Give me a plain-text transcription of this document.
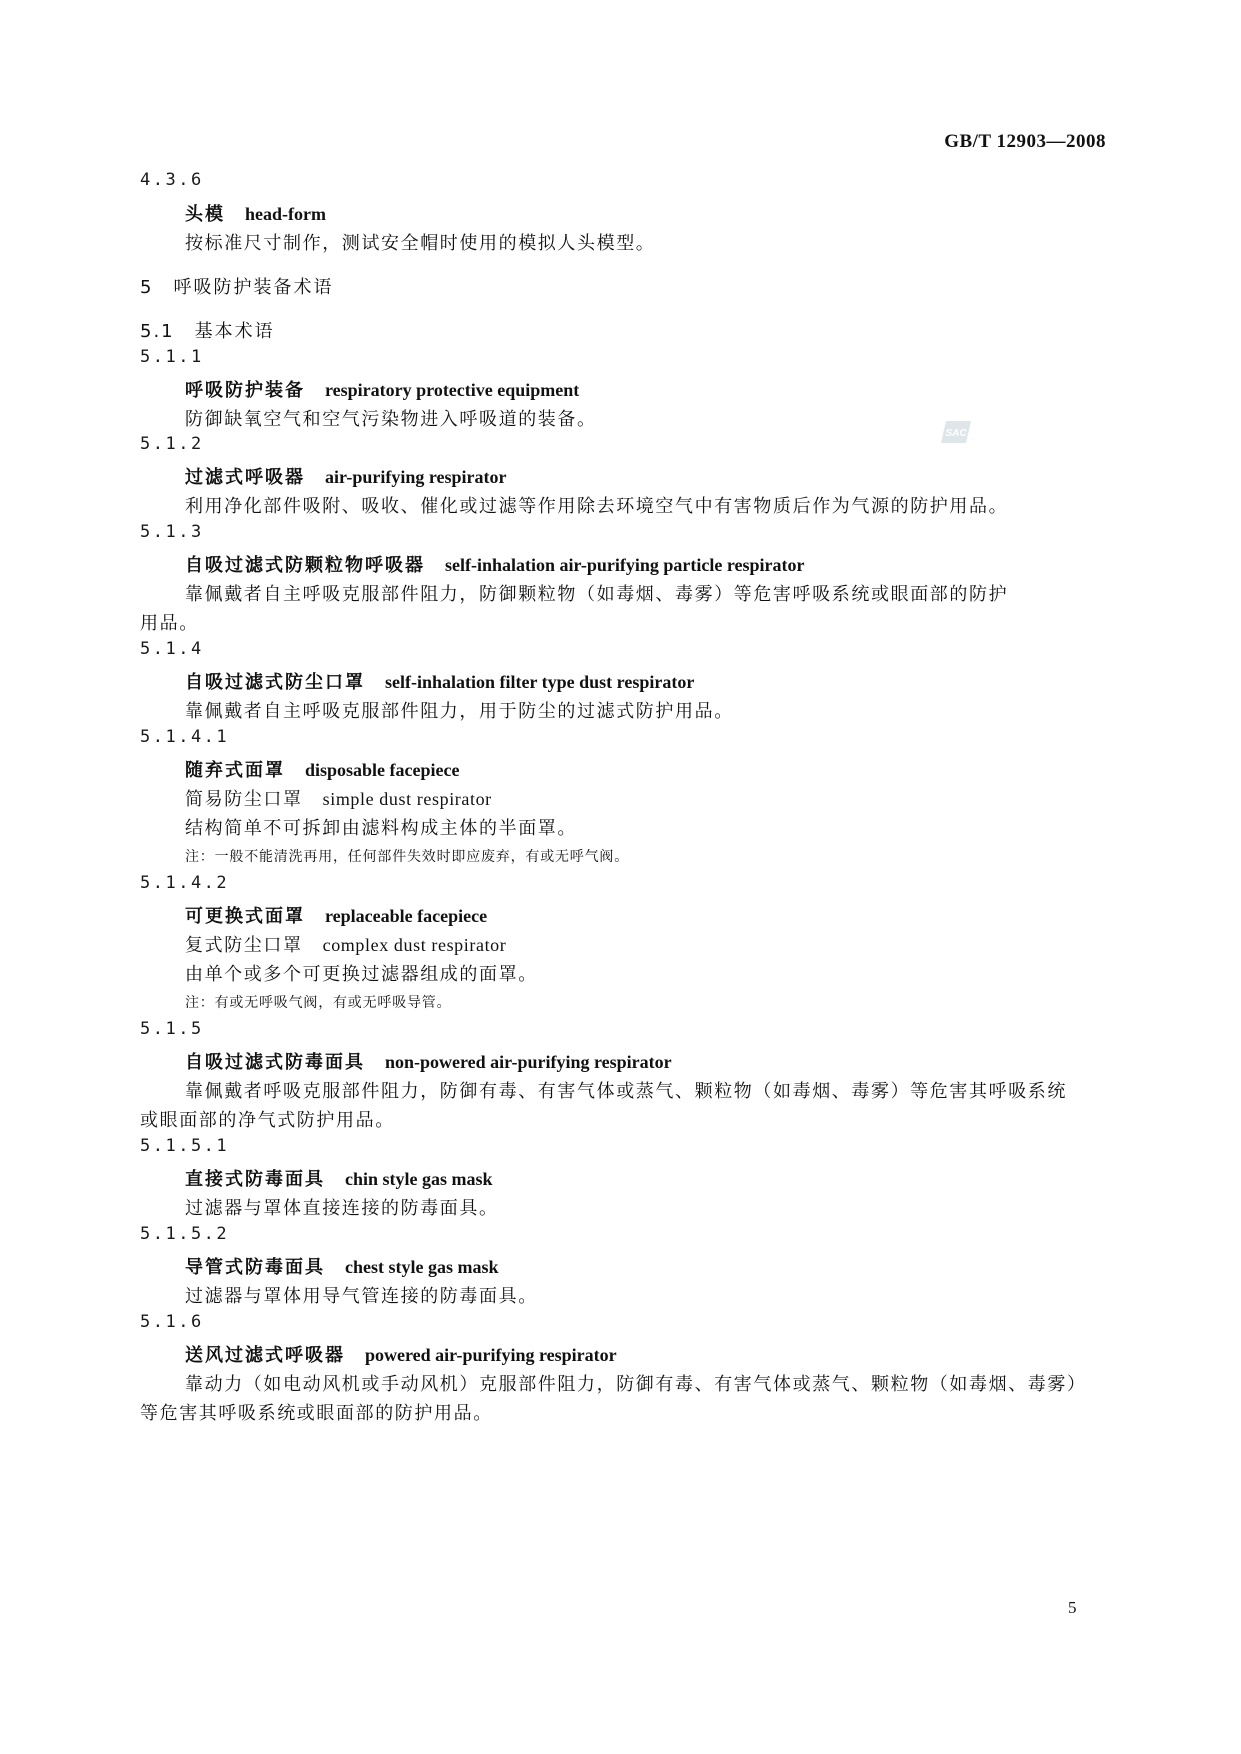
GB/T 12903—2008
4.3.6
头模 head-form
按标准尺寸制作，测试安全帽时使用的模拟人头模型。
5　呼吸防护装备术语
5.1　基本术语
5.1.1
呼吸防护装备 respiratory protective equipment
防御缺氧空气和空气污染物进入呼吸道的装备。
SAC
5.1.2
过滤式呼吸器 air-purifying respirator
利用净化部件吸附、吸收、催化或过滤等作用除去环境空气中有害物质后作为气源的防护用品。
5.1.3
自吸过滤式防颗粒物呼吸器 self-inhalation air-purifying particle respirator
靠佩戴者自主呼吸克服部件阻力，防御颗粒物（如毒烟、毒雾）等危害呼吸系统或眼面部的防护
用品。
5.1.4
自吸过滤式防尘口罩 self-inhalation filter type dust respirator
靠佩戴者自主呼吸克服部件阻力，用于防尘的过滤式防护用品。
5.1.4.1
随弃式面罩 disposable facepiece
简易防尘口罩 simple dust respirator
结构简单不可拆卸由滤料构成主体的半面罩。
注：一般不能清洗再用，任何部件失效时即应废弃，有或无呼气阀。
5.1.4.2
可更换式面罩 replaceable facepiece
复式防尘口罩 complex dust respirator
由单个或多个可更换过滤器组成的面罩。
注：有或无呼吸气阀，有或无呼吸导管。
5.1.5
自吸过滤式防毒面具 non-powered air-purifying respirator
靠佩戴者呼吸克服部件阻力，防御有毒、有害气体或蒸气、颗粒物（如毒烟、毒雾）等危害其呼吸系统
或眼面部的净气式防护用品。
5.1.5.1
直接式防毒面具 chin style gas mask
过滤器与罩体直接连接的防毒面具。
5.1.5.2
导管式防毒面具 chest style gas mask
过滤器与罩体用导气管连接的防毒面具。
5.1.6
送风过滤式呼吸器 powered air-purifying respirator
靠动力（如电动风机或手动风机）克服部件阻力，防御有毒、有害气体或蒸气、颗粒物（如毒烟、毒雾）
等危害其呼吸系统或眼面部的防护用品。
5
